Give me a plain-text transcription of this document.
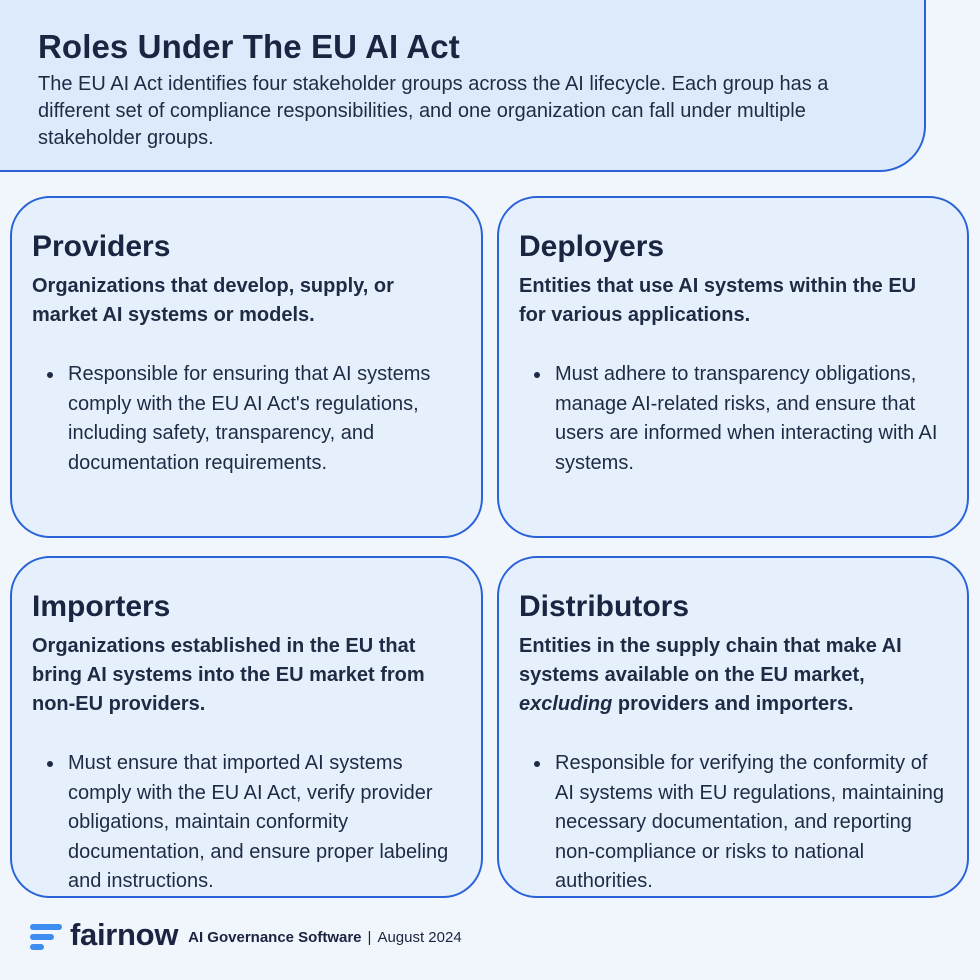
Roles Under The EU AI Act

The EU AI Act identifies four stakeholder groups across the AI lifecycle. Each group has a different set of compliance responsibilities, and one organization can fall under multiple stakeholder groups.

Providers
Organizations that develop, supply, or market AI systems or models.
Responsible for ensuring that AI systems comply with the EU AI Act's regulations, including safety, transparency, and documentation requirements.
Deployers
Entities that use AI systems within the EU for various applications.
Must adhere to transparency obligations, manage AI-related risks, and ensure that users are informed when interacting with AI systems.
Importers
Organizations established in the EU that bring AI systems into the EU market from non-EU providers.
Must ensure that imported AI systems comply with the EU AI Act, verify provider obligations, maintain conformity documentation, and ensure proper labeling and instructions.
Distributors
Entities in the supply chain that make AI systems available on the EU market, excluding providers and importers.
Responsible for verifying the conformity of AI systems with EU regulations, maintaining necessary documentation, and reporting non-compliance or risks to national authorities.
fairnow AI Governance Software | August 2024
